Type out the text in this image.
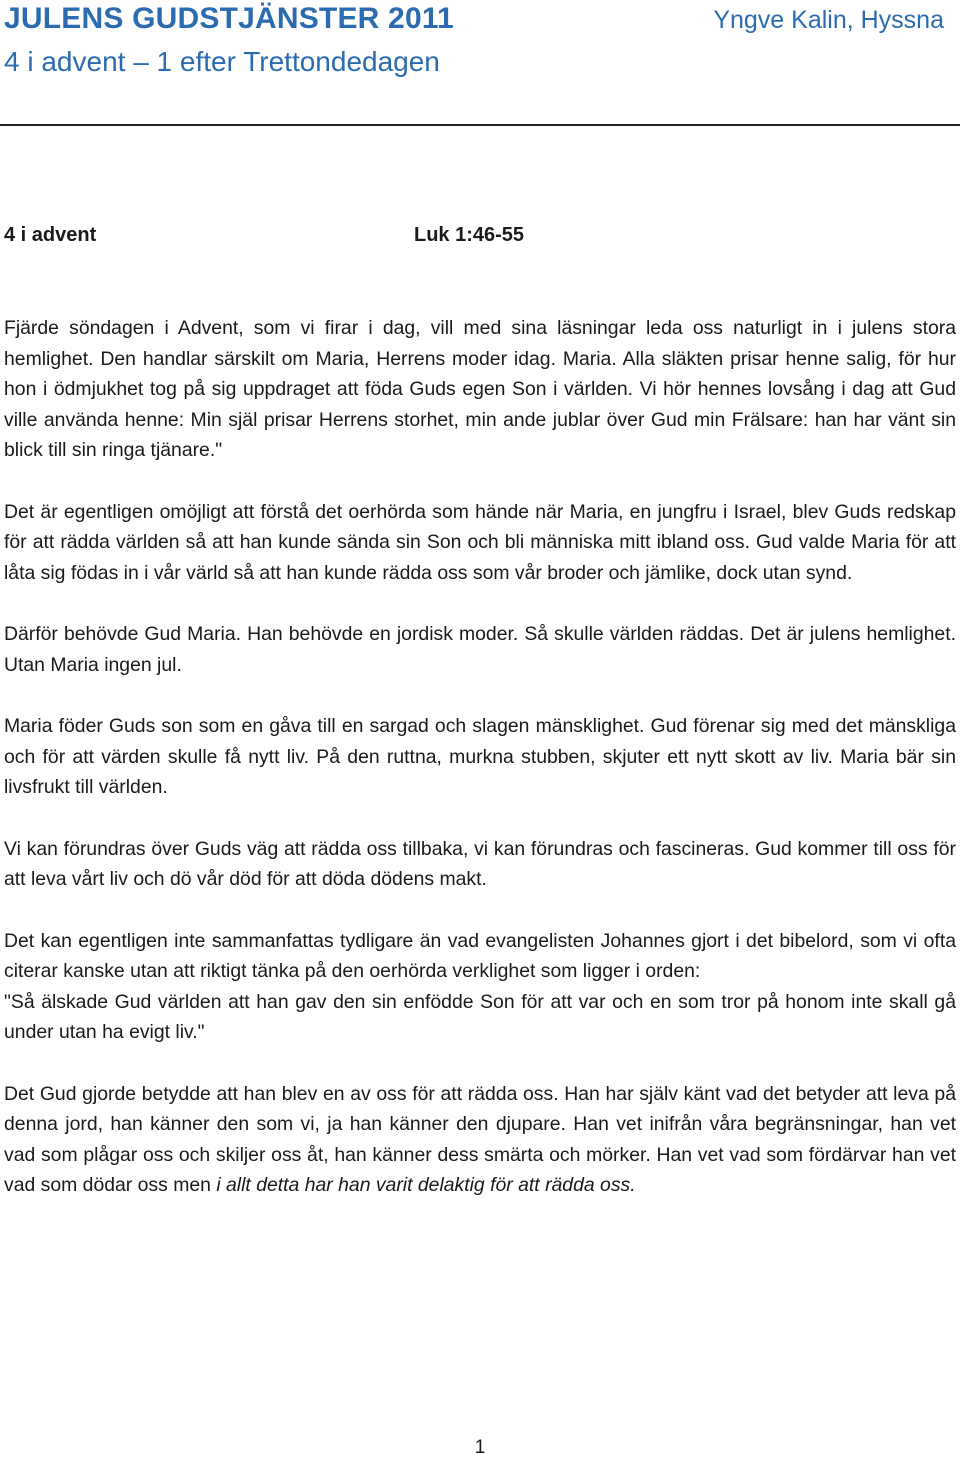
JULENS GUDSTJÄNSTER 2011	Yngve Kalin, Hyssna
4 i advent – 1 efter Trettondedagen
4 i advent	Luk 1:46-55

Fjärde söndagen i Advent, som vi firar i dag, vill med sina läsningar leda oss naturligt in i julens stora hemlighet. Den handlar särskilt om Maria, Herrens moder idag. Maria. Alla släkten prisar henne salig, för hur hon i ödmjukhet tog på sig uppdraget att föda Guds egen Son i världen. Vi hör hennes lovsång i dag att Gud ville använda henne: Min själ prisar Herrens storhet, min ande jublar över Gud min Frälsare: han har vänt sin blick till sin ringa tjänare."

Det är egentligen omöjligt att förstå det oerhörda som hände när Maria, en jungfru i Israel, blev Guds redskap för att rädda världen så att han kunde sända sin Son och bli människa mitt ibland oss. Gud valde Maria för att låta sig födas in i vår värld så att han kunde rädda oss som vår broder och jämlike, dock utan synd.

Därför behövde Gud Maria. Han behövde en jordisk moder. Så skulle världen räddas. Det är julens hemlighet. Utan Maria ingen jul.

Maria föder Guds son som en gåva till en sargad och slagen mänsklighet. Gud förenar sig med det mänskliga och för att värden skulle få nytt liv. På den ruttna, murkna stubben, skjuter ett nytt skott av liv. Maria bär sin livsfrukt till världen.

Vi kan förundras över Guds väg att rädda oss tillbaka, vi kan förundras och fascineras. Gud kommer till oss för att leva vårt liv och dö vår död för att döda dödens makt.

Det kan egentligen inte sammanfattas tydligare än vad evangelisten Johannes gjort i det bibelord, som vi ofta citerar kanske utan att riktigt tänka på den oerhörda verklighet som ligger i orden:

"Så älskade Gud världen att han gav den sin enfödde Son för att var och en som tror på honom inte skall gå under utan ha evigt liv."

Det Gud gjorde betydde att han blev en av oss för att rädda oss. Han har själv känt vad det betyder att leva på denna jord, han känner den som vi, ja han känner den djupare. Han vet inifrån våra begränsningar, han vet vad som plågar oss och skiljer oss åt, han känner dess smärta och mörker. Han vet vad som fördärvar han vet vad som dödar oss men i allt detta har han varit delaktig för att rädda oss.

1
